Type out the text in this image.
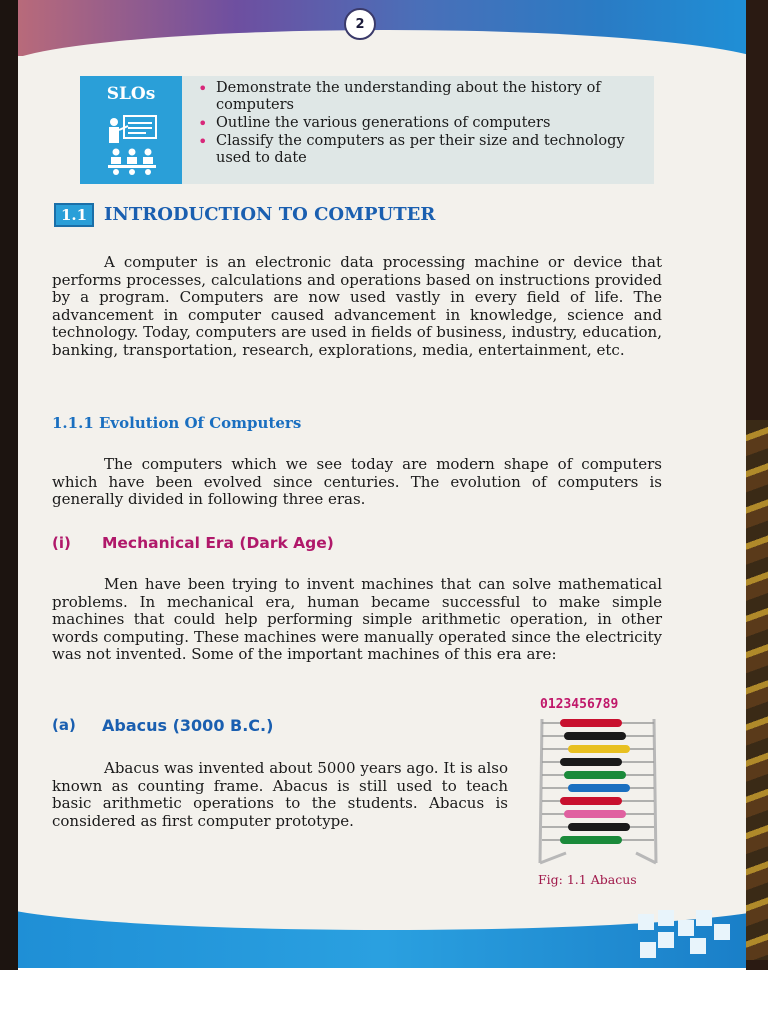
2
SLOs
•	Demonstrate the understanding about the history of computers
• Outline the various generations of computers
• Classify the computers as per their size and technology used to date
1.1 INTRODUCTION TO COMPUTER

A computer is an electronic data processing machine or device that performs processes, calculations and operations based on instructions provided by a program. Computers are now used vastly in every field of life. The advancement in computer caused advancement in knowledge, science and technology. Today, computers are used in fields of business, industry, education, banking, transportation, research, explorations, media, entertainment, etc.

1.1.1 Evolution Of Computers

The computers which we see today are modern shape of computers which have been evolved since centuries. The evolution of computers is generally divided in following three eras.

(i) Mechanical Era (Dark Age)

Men have been trying to invent machines that can solve mathematical problems. In mechanical era, human became successful to make simple machines that could help performing simple arithmetic operation, in other words computing. These machines were manually operated since the electricity was not invented. Some of the important machines of this era are:

(a) Abacus (3000 B.C.)

Abacus was invented about 5000 years ago. It is also known as counting frame. Abacus is still used to teach basic arithmetic operations to the students. Abacus is considered as first computer prototype.

0123456789
Fig: 1.1 Abacus
